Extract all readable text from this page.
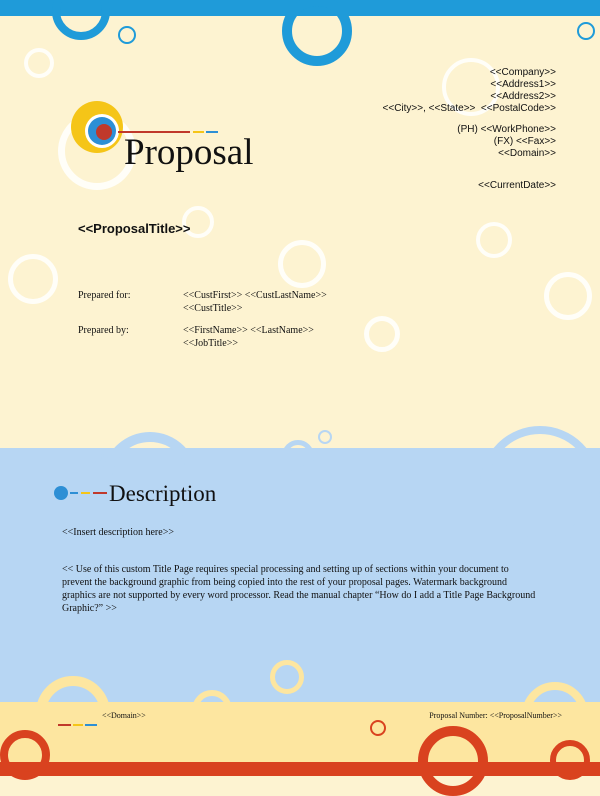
Proposal
<<Company>>
<<Address1>>
<<Address2>>
<<City>>, <<State>>  <<PostalCode>>
(PH) <<WorkPhone>>
(FX) <<Fax>>
<<Domain>>
<<CurrentDate>>
<<ProposalTitle>>
Prepared for:	<<CustFirst>> <<CustLastName>>
<<CustTitle>>
Prepared by:	<<FirstName>> <<LastName>>
<<JobTitle>>
Description
<<Insert description here>>
<< Use of this custom Title Page requires special processing and setting up of sections within your document to prevent the background graphic from being copied into the rest of your proposal pages. Watermark background graphics are not supported by every word processor. Read the manual chapter “How do I add a Title Page Background Graphic?” >>
<<Domain>>	Proposal Number: <<ProposalNumber>>
